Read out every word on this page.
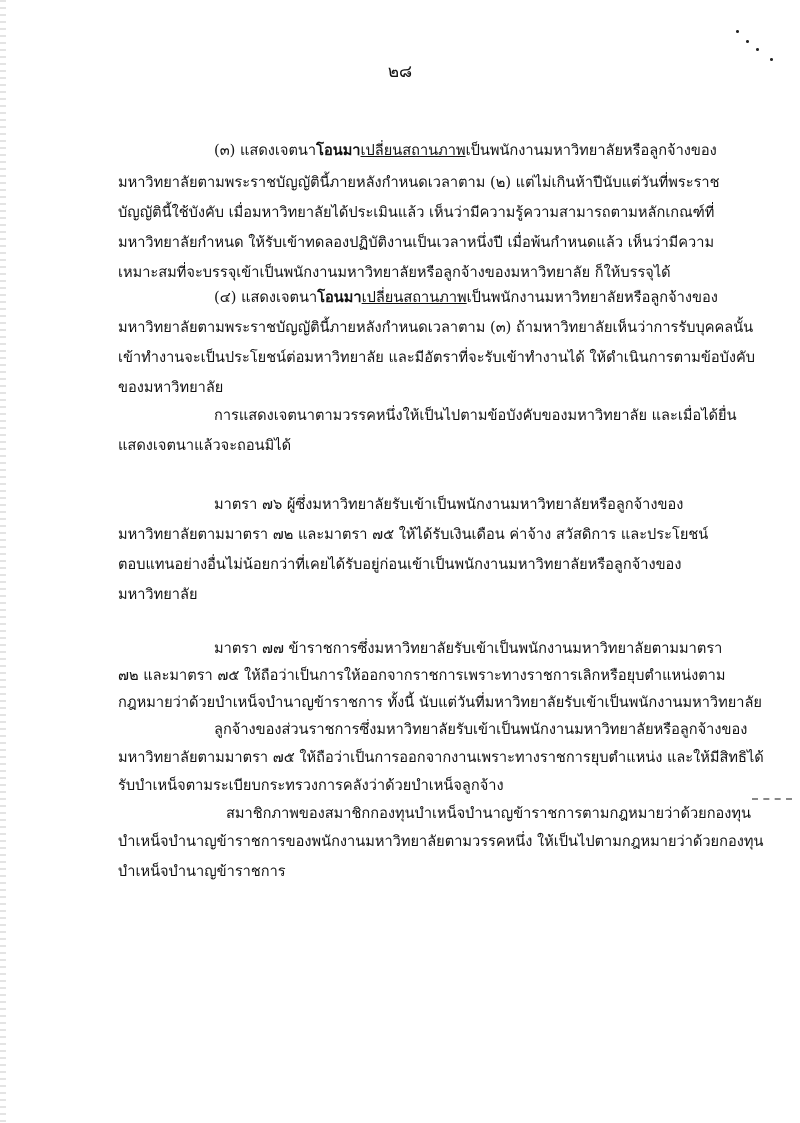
๒๘
(๓) แสดงเจตนาโอนมาเปลี่ยนสถานภาพเป็นพนักงานมหาวิทยาลัยหรือลูกจ้างของ
มหาวิทยาลัยตามพระราชบัญญัตินี้ภายหลังกำหนดเวลาตาม (๒) แต่ไม่เกินห้าปีนับแต่วันที่พระราช
บัญญัตินี้ใช้บังคับ เมื่อมหาวิทยาลัยได้ประเมินแล้ว เห็นว่ามีความรู้ความสามารถตามหลักเกณฑ์ที่
มหาวิทยาลัยกำหนด ให้รับเข้าทดลองปฏิบัติงานเป็นเวลาหนึ่งปี เมื่อพ้นกำหนดแล้ว เห็นว่ามีความ
เหมาะสมที่จะบรรจุเข้าเป็นพนักงานมหาวิทยาลัยหรือลูกจ้างของมหาวิทยาลัย ก็ให้บรรจุได้
(๔) แสดงเจตนาโอนมาเปลี่ยนสถานภาพเป็นพนักงานมหาวิทยาลัยหรือลูกจ้างของ
มหาวิทยาลัยตามพระราชบัญญัตินี้ภายหลังกำหนดเวลาตาม (๓) ถ้ามหาวิทยาลัยเห็นว่าการรับบุคคลนั้น
เข้าทำงานจะเป็นประโยชน์ต่อมหาวิทยาลัย และมีอัตราที่จะรับเข้าทำงานได้ ให้ดำเนินการตามข้อบังคับ
ของมหาวิทยาลัย
การแสดงเจตนาตามวรรคหนึ่งให้เป็นไปตามข้อบังคับของมหาวิทยาลัย และเมื่อได้ยื่น
แสดงเจตนาแล้วจะถอนมิได้
มาตรา ๗๖ ผู้ซึ่งมหาวิทยาลัยรับเข้าเป็นพนักงานมหาวิทยาลัยหรือลูกจ้างของ
มหาวิทยาลัยตามมาตรา ๗๒ และมาตรา ๗๕ ให้ได้รับเงินเดือน ค่าจ้าง สวัสดิการ และประโยชน์
ตอบแทนอย่างอื่นไม่น้อยกว่าที่เคยได้รับอยู่ก่อนเข้าเป็นพนักงานมหาวิทยาลัยหรือลูกจ้างของ
มหาวิทยาลัย
มาตรา ๗๗ ข้าราชการซึ่งมหาวิทยาลัยรับเข้าเป็นพนักงานมหาวิทยาลัยตามมาตรา
๗๒ และมาตรา ๗๕ ให้ถือว่าเป็นการให้ออกจากราชการเพราะทางราชการเลิกหรือยุบตำแหน่งตาม
กฎหมายว่าด้วยบำเหน็จบำนาญข้าราชการ ทั้งนี้ นับแต่วันที่มหาวิทยาลัยรับเข้าเป็นพนักงานมหาวิทยาลัย
ลูกจ้างของส่วนราชการซึ่งมหาวิทยาลัยรับเข้าเป็นพนักงานมหาวิทยาลัยหรือลูกจ้างของ
มหาวิทยาลัยตามมาตรา ๗๕ ให้ถือว่าเป็นการออกจากงานเพราะทางราชการยุบตำแหน่ง และให้มีสิทธิได้
รับบำเหน็จตามระเบียบกระทรวงการคลังว่าด้วยบำเหน็จลูกจ้าง
สมาชิกภาพของสมาชิกกองทุนบำเหน็จบำนาญข้าราชการตามกฎหมายว่าด้วยกองทุน
บำเหน็จบำนาญข้าราชการของพนักงานมหาวิทยาลัยตามวรรคหนึ่ง ให้เป็นไปตามกฎหมายว่าด้วยกองทุน
บำเหน็จบำนาญข้าราชการ
